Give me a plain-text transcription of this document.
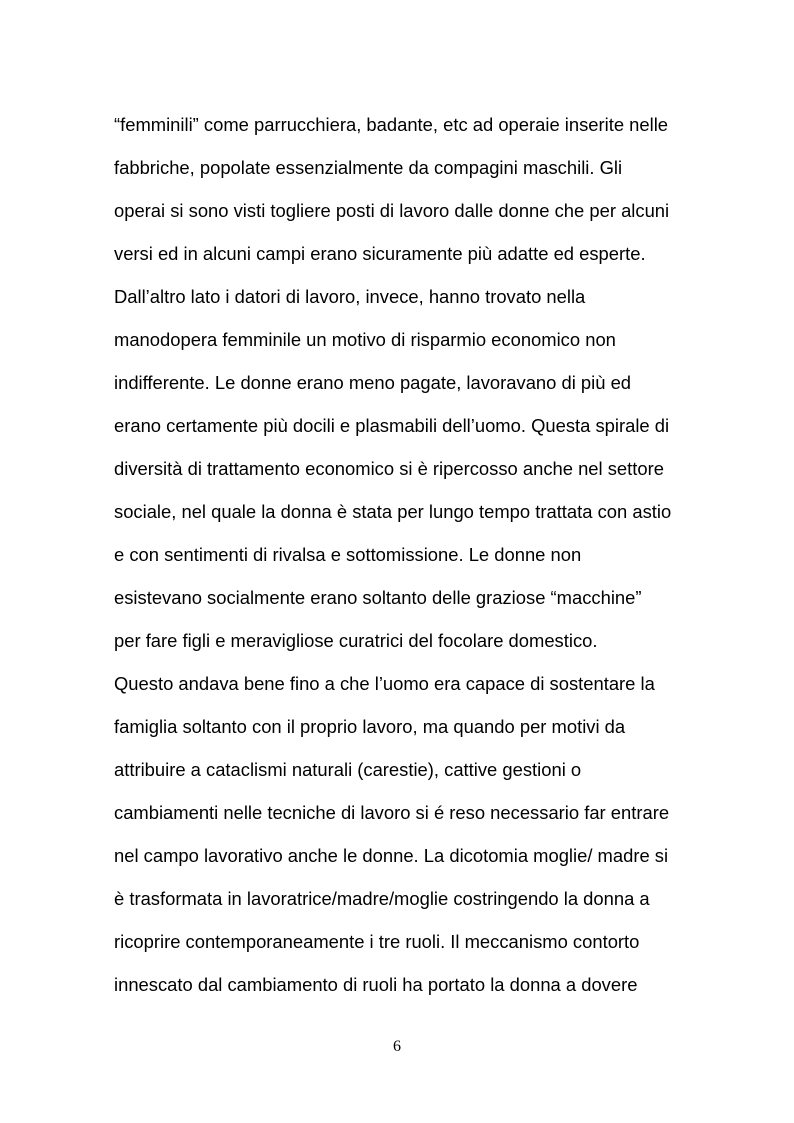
“femminili” come parrucchiera, badante, etc ad operaie inserite nelle
fabbriche, popolate essenzialmente da compagini maschili. Gli
operai si sono visti togliere posti di lavoro dalle donne che per alcuni
versi ed in alcuni campi erano sicuramente più adatte ed esperte.
Dall’altro lato i datori di lavoro, invece, hanno trovato nella
manodopera femminile un motivo di risparmio economico non
indifferente. Le donne erano meno pagate, lavoravano di più ed
erano certamente più docili e plasmabili dell’uomo. Questa spirale di
diversità di trattamento economico si è ripercosso anche nel settore
sociale, nel quale la donna è stata per lungo tempo trattata con astio
e con sentimenti di rivalsa e sottomissione. Le donne non
esistevano socialmente erano soltanto delle graziose “macchine”
per fare figli e meravigliose curatrici del focolare domestico.
Questo andava bene fino a che l’uomo era capace di sostentare la
famiglia soltanto con il proprio lavoro, ma quando per motivi da
attribuire a cataclismi naturali (carestie), cattive gestioni o
cambiamenti nelle tecniche di lavoro si é reso necessario far entrare
nel campo lavorativo anche le donne. La dicotomia moglie/ madre si
è trasformata in lavoratrice/madre/moglie costringendo la donna a
ricoprire contemporaneamente i tre ruoli. Il meccanismo contorto
innescato dal cambiamento di ruoli ha portato la donna a dovere
6
